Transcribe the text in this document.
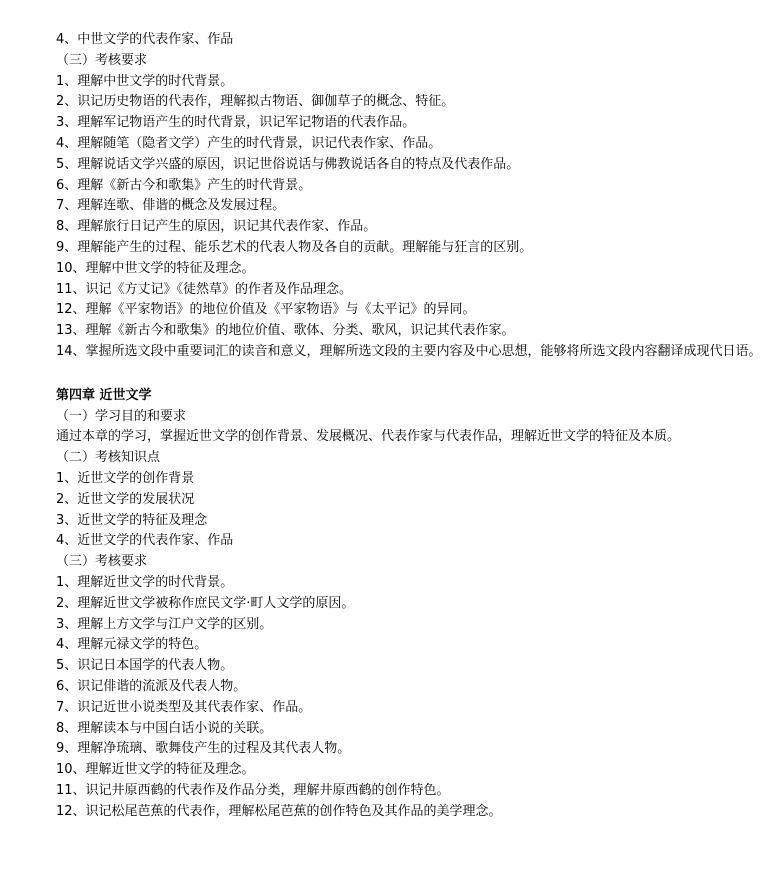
4、中世文学的代表作家、作品
（三）考核要求
1、理解中世文学的时代背景。
2、识记历史物语的代表作，理解拟古物语、御伽草子的概念、特征。
3、理解军记物语产生的时代背景，识记军记物语的代表作品。
4、理解随笔（隐者文学）产生的时代背景，识记代表作家、作品。
5、理解说话文学兴盛的原因，识记世俗说话与佛教说话各自的特点及代表作品。
6、理解《新古今和歌集》产生的时代背景。
7、理解连歌、俳谐的概念及发展过程。
8、理解旅行日记产生的原因，识记其代表作家、作品。
9、理解能产生的过程、能乐艺术的代表人物及各自的贡献。理解能与狂言的区别。
10、理解中世文学的特征及理念。
11、识记《方丈记》《徒然草》的作者及作品理念。
12、理解《平家物语》的地位价值及《平家物语》与《太平记》的异同。
13、理解《新古今和歌集》的地位价值、歌体、分类、歌风，识记其代表作家。
14、掌握所选文段中重要词汇的读音和意义，理解所选文段的主要内容及中心思想，能够将所选文段内容翻译成现代日语。
第四章 近世文学
（一）学习目的和要求
通过本章的学习，掌握近世文学的创作背景、发展概况、代表作家与代表作品，理解近世文学的特征及本质。
（二）考核知识点
1、近世文学的创作背景
2、近世文学的发展状况
3、近世文学的特征及理念
4、近世文学的代表作家、作品
（三）考核要求
1、理解近世文学的时代背景。
2、理解近世文学被称作庶民文学·町人文学的原因。
3、理解上方文学与江户文学的区别。
4、理解元禄文学的特色。
5、识记日本国学的代表人物。
6、识记俳谐的流派及代表人物。
7、识记近世小说类型及其代表作家、作品。
8、理解读本与中国白话小说的关联。
9、理解净琉璃、歌舞伎产生的过程及其代表人物。
10、理解近世文学的特征及理念。
11、识记井原西鹤的代表作及作品分类，理解井原西鹤的创作特色。
12、识记松尾芭蕉的代表作，理解松尾芭蕉的创作特色及其作品的美学理念。
